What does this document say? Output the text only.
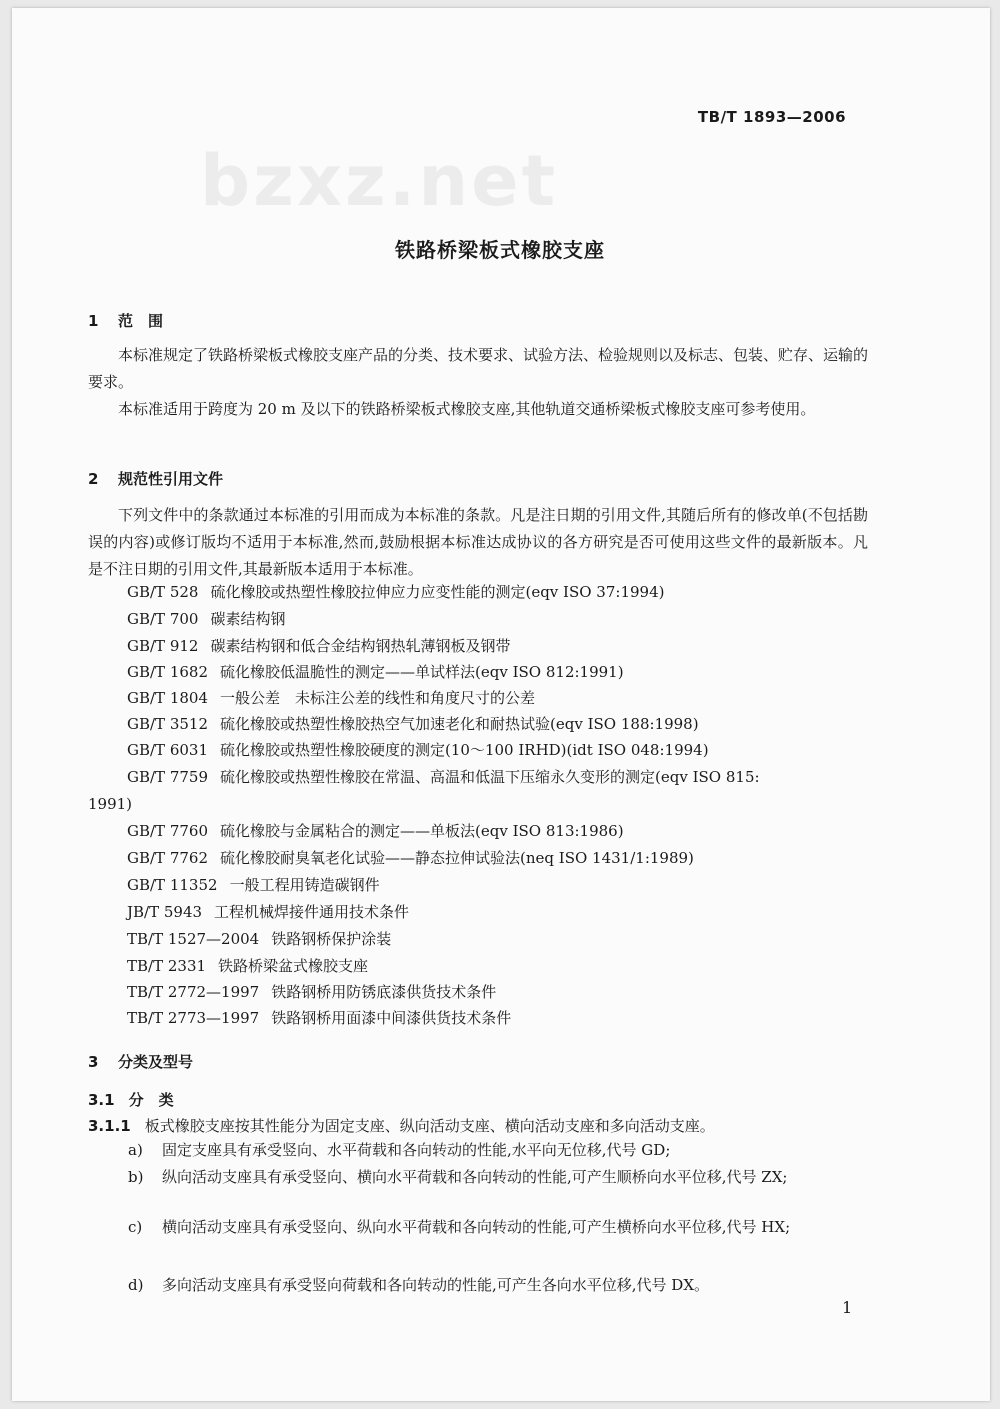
TB/T 1893—2006
bzxz.net
铁路桥梁板式橡胶支座
1 范　围
本标准规定了铁路桥梁板式橡胶支座产品的分类、技术要求、试验方法、检验规则以及标志、包装、贮存、运输的要求。
本标准适用于跨度为 20 m 及以下的铁路桥梁板式橡胶支座,其他轨道交通桥梁板式橡胶支座可参考使用。
2 规范性引用文件
下列文件中的条款通过本标准的引用而成为本标准的条款。凡是注日期的引用文件,其随后所有的修改单(不包括勘误的内容)或修订版均不适用于本标准,然而,鼓励根据本标准达成协议的各方研究是否可使用这些文件的最新版本。凡是不注日期的引用文件,其最新版本适用于本标准。
GB/T 528 硫化橡胶或热塑性橡胶拉伸应力应变性能的测定(eqv ISO 37:1994)
GB/T 700 碳素结构钢
GB/T 912 碳素结构钢和低合金结构钢热轧薄钢板及钢带
GB/T 1682 硫化橡胶低温脆性的测定——单试样法(eqv ISO 812:1991)
GB/T 1804 一般公差　未标注公差的线性和角度尺寸的公差
GB/T 3512 硫化橡胶或热塑性橡胶热空气加速老化和耐热试验(eqv ISO 188:1998)
GB/T 6031 硫化橡胶或热塑性橡胶硬度的测定(10～100 IRHD)(idt ISO 048:1994)
GB/T 7759 硫化橡胶或热塑性橡胶在常温、高温和低温下压缩永久变形的测定(eqv ISO 815:
1991)
GB/T 7760 硫化橡胶与金属粘合的测定——单板法(eqv ISO 813:1986)
GB/T 7762 硫化橡胶耐臭氧老化试验——静态拉伸试验法(neq ISO 1431/1:1989)
GB/T 11352 一般工程用铸造碳钢件
JB/T 5943 工程机械焊接件通用技术条件
TB/T 1527—2004 铁路钢桥保护涂装
TB/T 2331 铁路桥梁盆式橡胶支座
TB/T 2772—1997 铁路钢桥用防锈底漆供货技术条件
TB/T 2773—1997 铁路钢桥用面漆中间漆供货技术条件
3 分类及型号
3.1 分　类
3.1.1 板式橡胶支座按其性能分为固定支座、纵向活动支座、横向活动支座和多向活动支座。
a) 固定支座具有承受竖向、水平荷载和各向转动的性能,水平向无位移,代号 GD;
b) 纵向活动支座具有承受竖向、横向水平荷载和各向转动的性能,可产生顺桥向水平位移,代号 ZX;
c) 横向活动支座具有承受竖向、纵向水平荷载和各向转动的性能,可产生横桥向水平位移,代号 HX;
d) 多向活动支座具有承受竖向荷载和各向转动的性能,可产生各向水平位移,代号 DX。
1
